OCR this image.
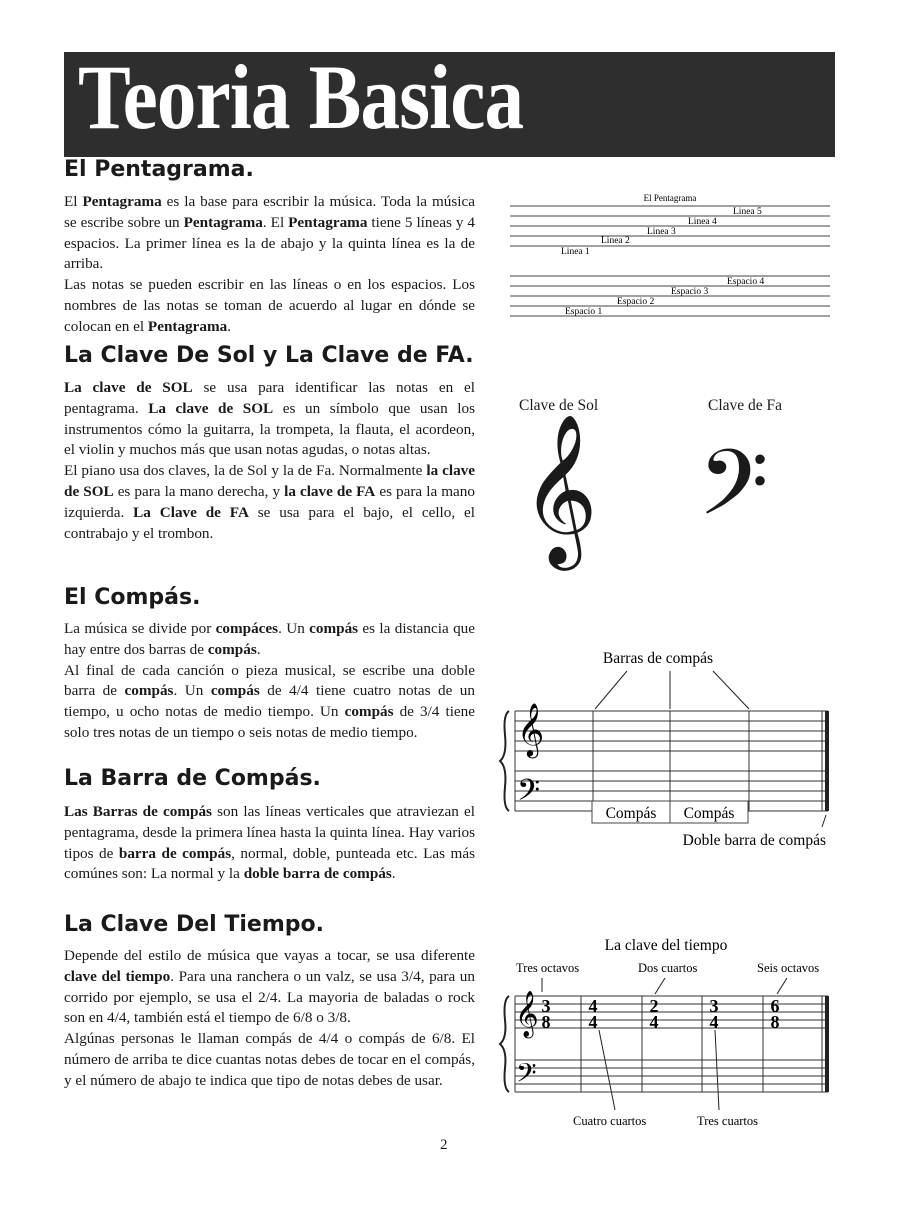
Teoria Basica
El Pentagrama.

El Pentagrama es la base para escribir la música. Toda la música se escribe sobre un Pentagrama. El Pentagrama tiene 5 líneas y 4 espacios. La primer línea es la de abajo y la quinta línea es la de arriba.

Las notas se pueden escribir en las líneas o en los espacios. Los nombres de las notas se toman de acuerdo al lugar en dónde se colocan en el Pentagrama.

El Pentagrama
Linea 1
Linea 2
Linea 3
Linea 4
Linea 5
Espacio 1
Espacio 2
Espacio 3
Espacio 4
La Clave De Sol y La Clave de FA.

La clave de SOL se usa para identificar las notas en el pentagrama. La clave de SOL es un símbolo que usan los instrumentos cómo la guitarra, la trompeta, la flauta, el acordeon, el violin y muchos más que usan notas agudas, o notas altas.

El piano usa dos claves, la de Sol y la de Fa. Normalmente la clave de SOL es para la mano derecha, y la clave de FA es para la mano izquierda. La Clave de FA se usa para el bajo, el cello, el contrabajo y el trombon.

Clave de Sol	Clave de Fa
𝄞 𝄢
El Compás.

La música se divide por compáces. Un compás es la distancia que hay entre dos barras de compás.

Al final de cada canción o pieza musical, se escribe una doble barra de compás. Un compás de 4/4 tiene cuatro notas de un tiempo, u ocho notas de medio tiempo. Un compás de 3/4 tiene solo tres notas de un tiempo o seis notas de medio tiempo.

Barras de compás
𝄞
𝄢	Compás Compás
Doble barra de compás
La Barra de Compás.

Las Barras de compás son las líneas verticales que atraviezan el pentagrama, desde la primera línea hasta la quinta línea. Hay varios tipos de barra de compás, normal, doble, punteada etc. Las más comúnes son: La normal y la doble barra de compás.

La Clave Del Tiempo.

Depende del estilo de música que vayas a tocar, se usa diferente clave del tiempo. Para una ranchera o un valz, se usa 3/4, para un corrido por ejemplo, se usa el 2/4. La mayoria de baladas o rock son en 4/4, también está el tiempo de 6/8 o 3/8.

Algúnas personas le llaman compás de 4/4 o compás de 6/8. El número de arriba te dice cuantas notas debes de tocar en el compás, y el número de abajo te indica que tipo de notas debes de usar.

La clave del tiempo
Tres octavos	Dos cuartos	Seis octavos
Cuatro cuartos	Tres cuartos
𝄞
𝄢
3
8
4
4
2
4
3
4
6
8
2
